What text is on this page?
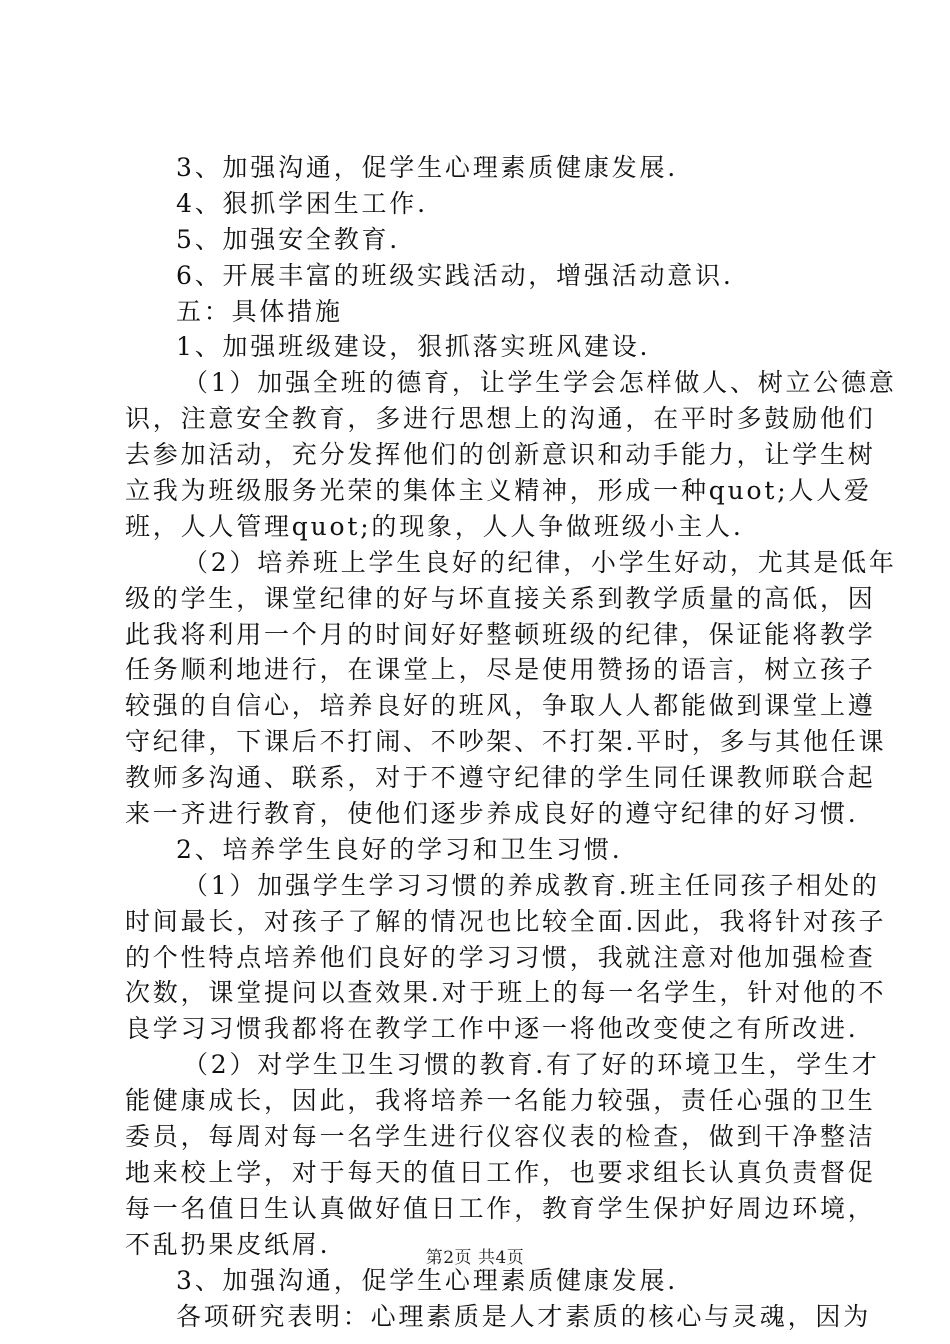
3、加强沟通，促学生心理素质健康发展.
4、狠抓学困生工作.
5、加强安全教育.
6、开展丰富的班级实践活动，增强活动意识.
五：具体措施
1、加强班级建设，狠抓落实班风建设.
（1）加强全班的德育，让学生学会怎样做人、树立公德意
识，注意安全教育，多进行思想上的沟通，在平时多鼓励他们
去参加活动，充分发挥他们的创新意识和动手能力，让学生树
立我为班级服务光荣的集体主义精神，形成一种quot;人人爱
班，人人管理quot;的现象，人人争做班级小主人.
（2）培养班上学生良好的纪律，小学生好动，尤其是低年
级的学生，课堂纪律的好与坏直接关系到教学质量的高低，因
此我将利用一个月的时间好好整顿班级的纪律，保证能将教学
任务顺利地进行，在课堂上，尽是使用赞扬的语言，树立孩子
较强的自信心，培养良好的班风，争取人人都能做到课堂上遵
守纪律，下课后不打闹、不吵架、不打架.平时，多与其他任课
教师多沟通、联系，对于不遵守纪律的学生同任课教师联合起
来一齐进行教育，使他们逐步养成良好的遵守纪律的好习惯.
2、培养学生良好的学习和卫生习惯.
（1）加强学生学习习惯的养成教育.班主任同孩子相处的
时间最长，对孩子了解的情况也比较全面.因此，我将针对孩子
的个性特点培养他们良好的学习习惯，我就注意对他加强检查
次数，课堂提问以查效果.对于班上的每一名学生，针对他的不
良学习习惯我都将在教学工作中逐一将他改变使之有所改进.
（2）对学生卫生习惯的教育.有了好的环境卫生，学生才
能健康成长，因此，我将培养一名能力较强，责任心强的卫生
委员，每周对每一名学生进行仪容仪表的检查，做到干净整洁
地来校上学，对于每天的值日工作，也要求组长认真负责督促
每一名值日生认真做好值日工作，教育学生保护好周边环境，
不乱扔果皮纸屑.
3、加强沟通，促学生心理素质健康发展.
各项研究表明：心理素质是人才素质的核心与灵魂，因为
第2页 共4页
